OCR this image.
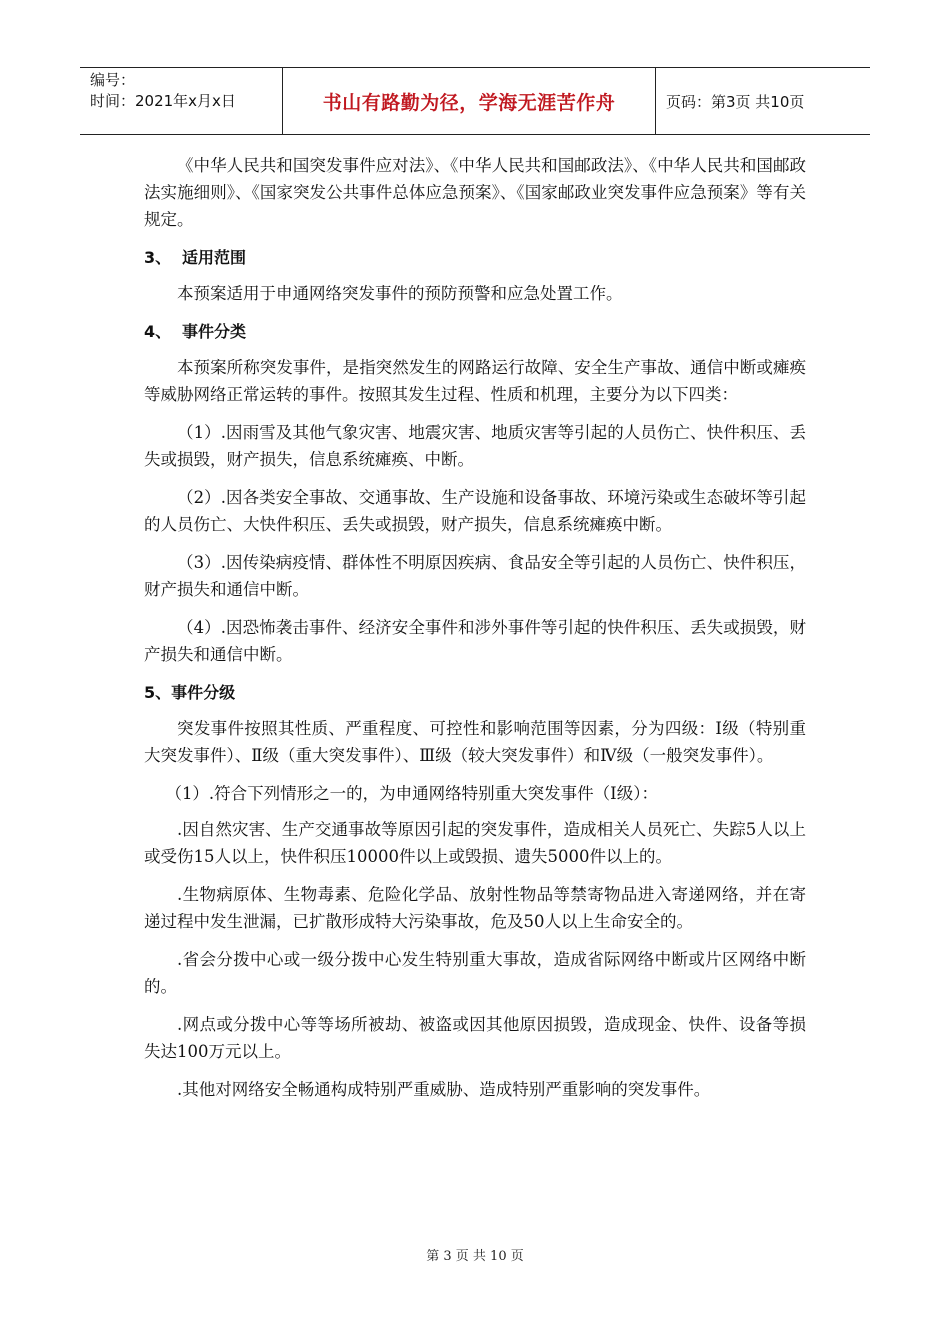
编号：
时间：2021年x月x日	书山有路勤为径，学海无涯苦作舟	页码：第3页 共10页

《中华人民共和国突发事件应对法》、《中华人民共和国邮政法》、《中华人民共和国邮政法实施细则》、《国家突发公共事件总体应急预案》、《国家邮政业突发事件应急预案》等有关规定。

3、 适用范围

本预案适用于申通网络突发事件的预防预警和应急处置工作。

4、 事件分类

本预案所称突发事件，是指突然发生的网路运行故障、安全生产事故、通信中断或瘫痪等威胁网络正常运转的事件。按照其发生过程、性质和机理，主要分为以下四类：

（1）.因雨雪及其他气象灾害、地震灾害、地质灾害等引起的人员伤亡、快件积压、丢失或损毁，财产损失，信息系统瘫痪、中断。

（2）.因各类安全事故、交通事故、生产设施和设备事故、环境污染或生态破坏等引起的人员伤亡、大快件积压、丢失或损毁，财产损失，信息系统瘫痪中断。

（3）.因传染病疫情、群体性不明原因疾病、食品安全等引起的人员伤亡、快件积压，财产损失和通信中断。

（4）.因恐怖袭击事件、经济安全事件和涉外事件等引起的快件积压、丢失或损毁，财产损失和通信中断。

5、事件分级

突发事件按照其性质、严重程度、可控性和影响范围等因素，分为四级：Ⅰ级（特别重大突发事件）、Ⅱ级（重大突发事件）、Ⅲ级（较大突发事件）和Ⅳ级（一般突发事件）。

（1）.符合下列情形之一的，为申通网络特别重大突发事件（Ⅰ级）：

.因自然灾害、生产交通事故等原因引起的突发事件，造成相关人员死亡、失踪5人以上或受伤15人以上，快件积压10000件以上或毁损、遗失5000件以上的。

.生物病原体、生物毒素、危险化学品、放射性物品等禁寄物品进入寄递网络，并在寄递过程中发生泄漏，已扩散形成特大污染事故，危及50人以上生命安全的。

.省会分拨中心或一级分拨中心发生特别重大事故，造成省际网络中断或片区网络中断的。

.网点或分拨中心等等场所被劫、被盗或因其他原因损毁，造成现金、快件、设备等损失达100万元以上。

.其他对网络安全畅通构成特别严重威胁、造成特别严重影响的突发事件。

第 3 页 共 10 页
